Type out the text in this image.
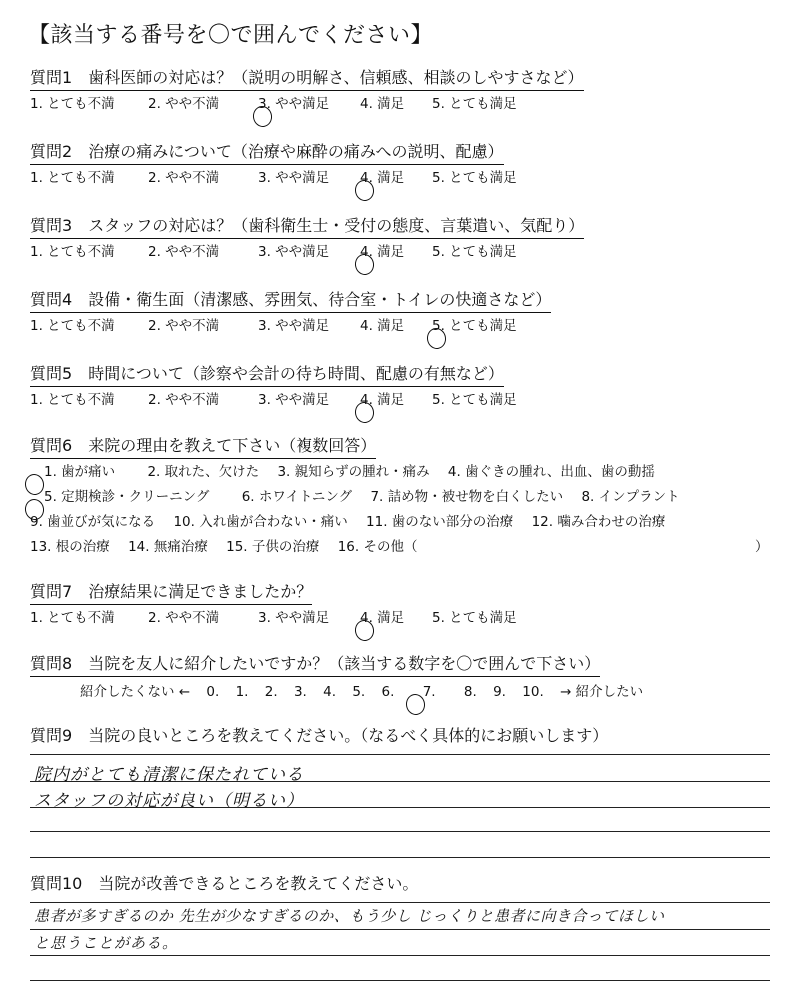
【該当する番号を〇で囲んでください】
質問1 歯科医師の対応は？（説明の明解さ、信頼感、相談のしやすさなど）
1. とても不満 2. やや不満	3. やや満足 4. 満足 5. とても満足
質問2 治療の痛みについて（治療や麻酔の痛みへの説明、配慮）
1. とても不満 2. やや不満	3. やや満足 4. 満足 5. とても満足
質問3 スタッフの対応は？（歯科衛生士・受付の態度、言葉遣い、気配り）
1. とても不満 2. やや不満	3. やや満足 4. 満足 5. とても満足
質問4 設備・衛生面（清潔感、雰囲気、待合室・トイレの快適さなど）
1. とても不満 2. やや不満	3. やや満足 4. 満足 5. とても満足
質問5 時間について（診察や会計の待ち時間、配慮の有無など）
1. とても不満 2. やや不満	3. やや満足 4. 満足 5. とても満足
質問6 来院の理由を教えて下さい（複数回答）
1. 歯が痛い 2. 取れた、欠けた 3. 親知らずの腫れ・痛み 4. 歯ぐきの腫れ、出血、歯の動揺
5. 定期検診・クリーニング 6. ホワイトニング 7. 詰め物・被せ物を白くしたい 8. インプラント
9. 歯並びが気になる 10. 入れ歯が合わない・痛い 11. 歯のない部分の治療 12. 噛み合わせの治療
13. 根の治療 14. 無痛治療 15. 子供の治療 16. その他（	）
質問7 治療結果に満足できましたか？
1. とても不満 2. やや不満	3. やや満足 4. 満足 5. とても満足
質問8 当院を友人に紹介したいですか？（該当する数字を〇で囲んで下さい）
紹介したくない ← 0. 1. 2. 3. 4. 5. 6. 7. 8. 9. 10. → 紹介したい
質問9 当院の良いところを教えてください。（なるべく具体的にお願いします）
院内がとても清潔に保たれている
スタッフの対応が良い（明るい）
質問10 当院が改善できるところを教えてください。
患者が多すぎるのか 先生が少なすぎるのか、もう少し じっくりと患者に向き合ってほしい
と思うことがある。
